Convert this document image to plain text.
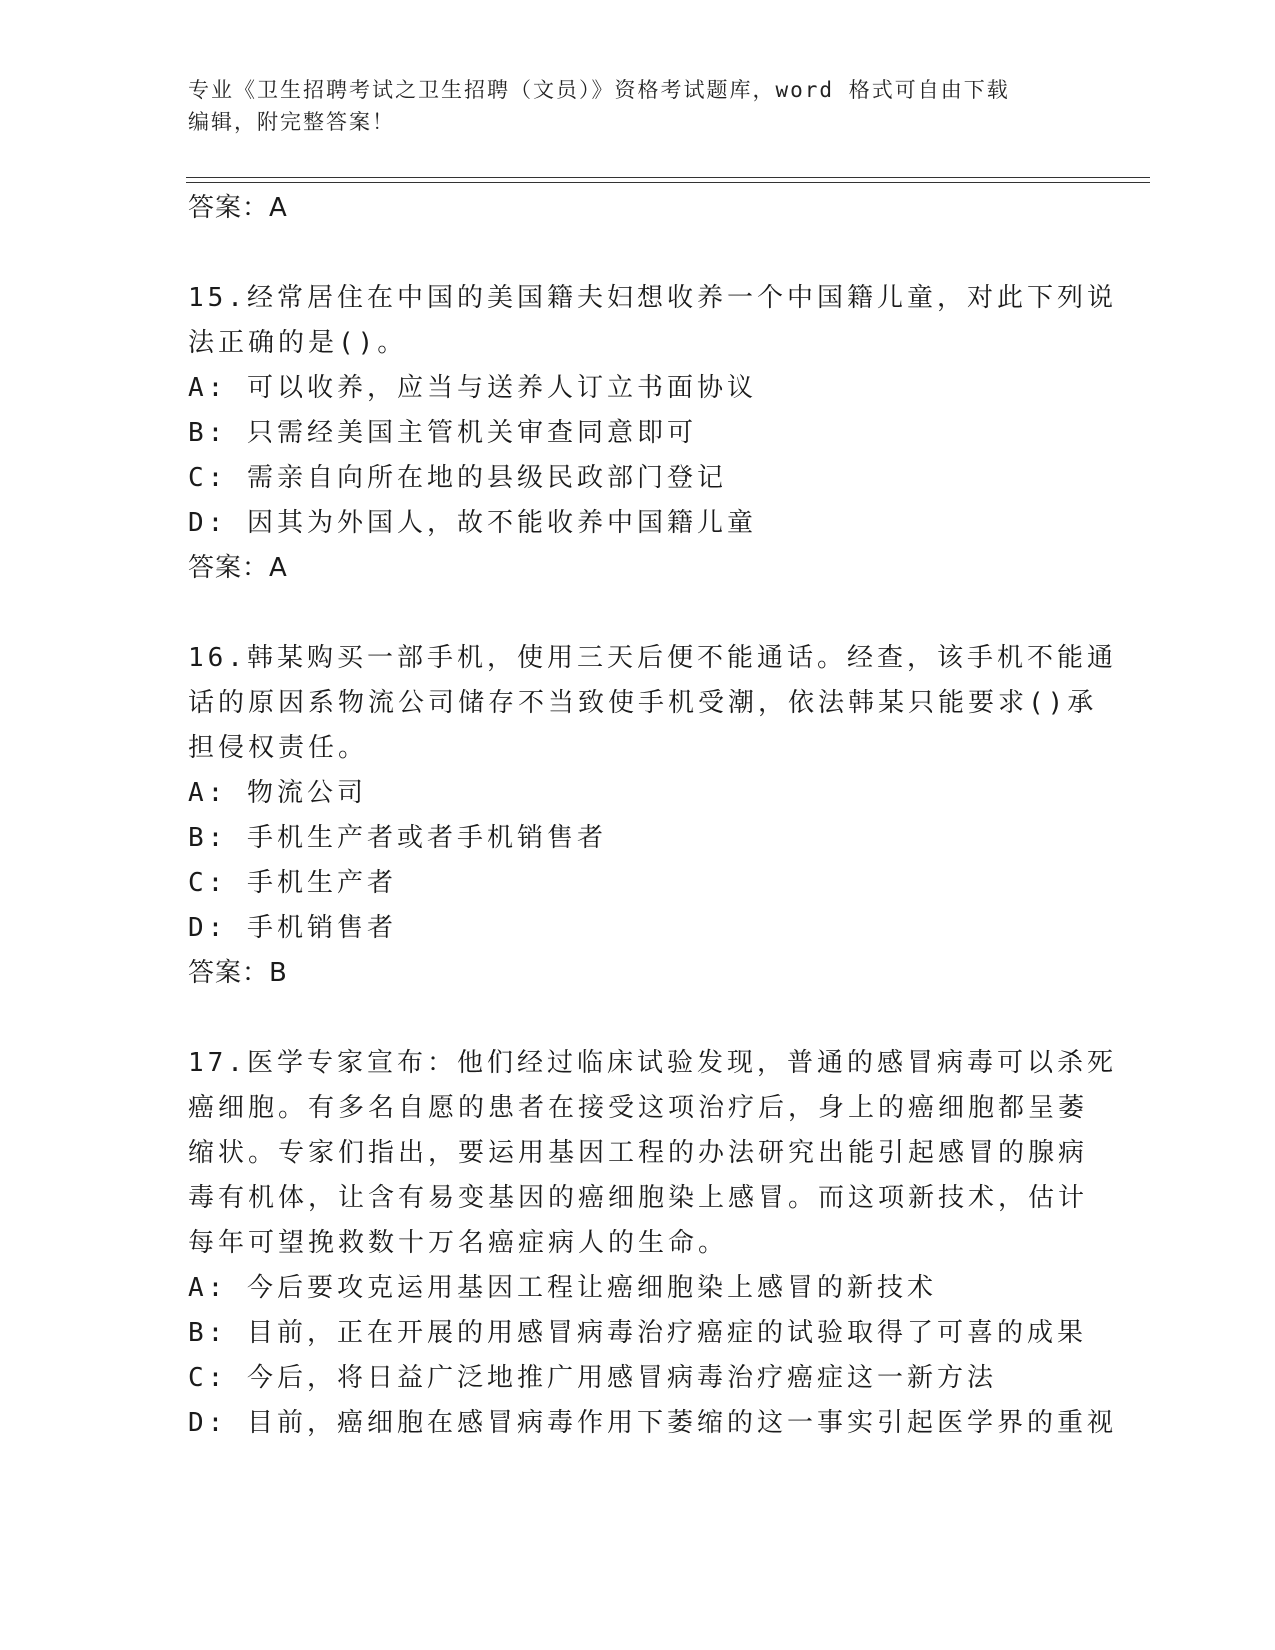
专业《卫生招聘考试之卫生招聘（文员）》资格考试题库，word 格式可自由下载
编辑，附完整答案！
答案：A
15.经常居住在中国的美国籍夫妇想收养一个中国籍儿童，对此下列说
法正确的是()。
A: 可以收养，应当与送养人订立书面协议
B: 只需经美国主管机关审查同意即可
C: 需亲自向所在地的县级民政部门登记
D: 因其为外国人，故不能收养中国籍儿童
答案：A
16.韩某购买一部手机，使用三天后便不能通话。经查，该手机不能通
话的原因系物流公司储存不当致使手机受潮，依法韩某只能要求()承
担侵权责任。
A: 物流公司
B: 手机生产者或者手机销售者
C: 手机生产者
D: 手机销售者
答案：B
17.医学专家宣布：他们经过临床试验发现，普通的感冒病毒可以杀死
癌细胞。有多名自愿的患者在接受这项治疗后，身上的癌细胞都呈萎
缩状。专家们指出，要运用基因工程的办法研究出能引起感冒的腺病
毒有机体，让含有易变基因的癌细胞染上感冒。而这项新技术，估计
每年可望挽救数十万名癌症病人的生命。
A: 今后要攻克运用基因工程让癌细胞染上感冒的新技术
B: 目前，正在开展的用感冒病毒治疗癌症的试验取得了可喜的成果
C: 今后，将日益广泛地推广用感冒病毒治疗癌症这一新方法
D: 目前，癌细胞在感冒病毒作用下萎缩的这一事实引起医学界的重视
